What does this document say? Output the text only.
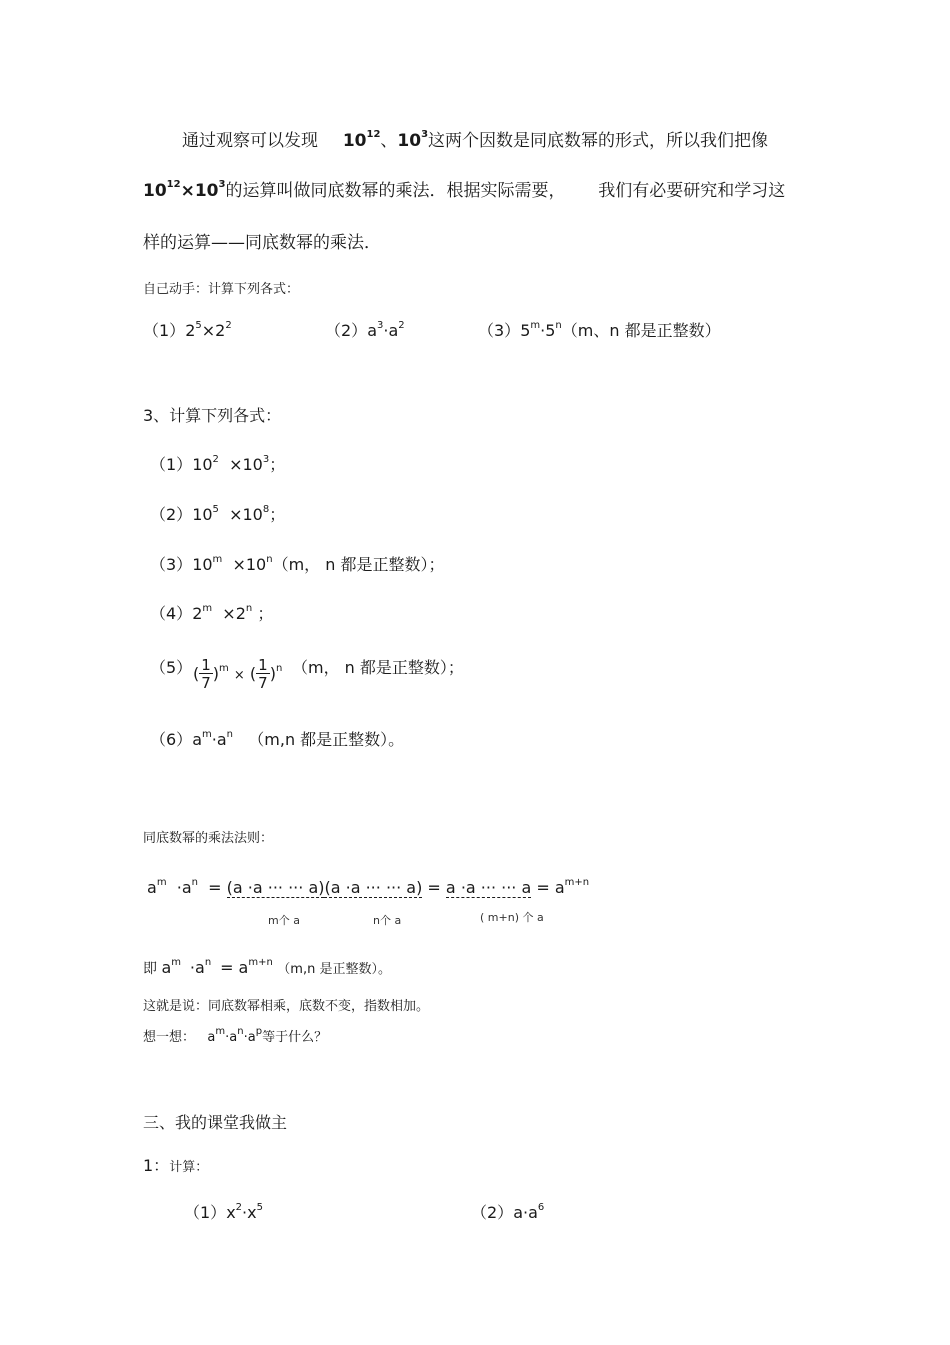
通过观察可以发现 $10^{12}$、$10^3$这两个因数是同底数幂的形式，所以我们把像
$10^{12}\times 10^3$的运算叫做同底数幂的乘法．根据实际需要， 我们有必要研究和学习这
样的运算——同底数幂的乘法．
自己动手：计算下列各式：
$(1)2^5\times 2^2$	$(2)a^3\cdot a^2$	$(3)5^m\cdot 5^n(m$、n 都是正整数）
3、计算下列各式：
$(1)10^2 \times 10^3$；
$(2)10^5 \times 10^8$；
$(3)10^m \times 10^n(m$， n 都是正整数）；
$(4)2^m \times 2^n$ ；
（5） ( $\frac{1}{7} )^m$ × ( $\frac{1}{7} )^n$ （m， n 都是正整数）；
$(6)a^m\cdot a^n$ （m,n 都是正整数）。
同底数幂的乘法法则：
$a^m \cdot a^n = (a \cdot a$ ··· ··· a)(a ·a ··· ··· a) = a ·a ··· ··· $a = a^{m+n}$
m个 a	n个 a	( m+n) 个 a
即 $a^m \cdot a^n = a^{m+n}$ （m,n 是正整数）。
这就是说：同底数幂相乘，底数不变，指数相加。
想一想： $a^m\cdot a^n\cdot a^p$等于什么？
三、我的课堂我做主
1：计算：
$(1)x^2\cdot x^5$	$(2)a\cdot a^6$
